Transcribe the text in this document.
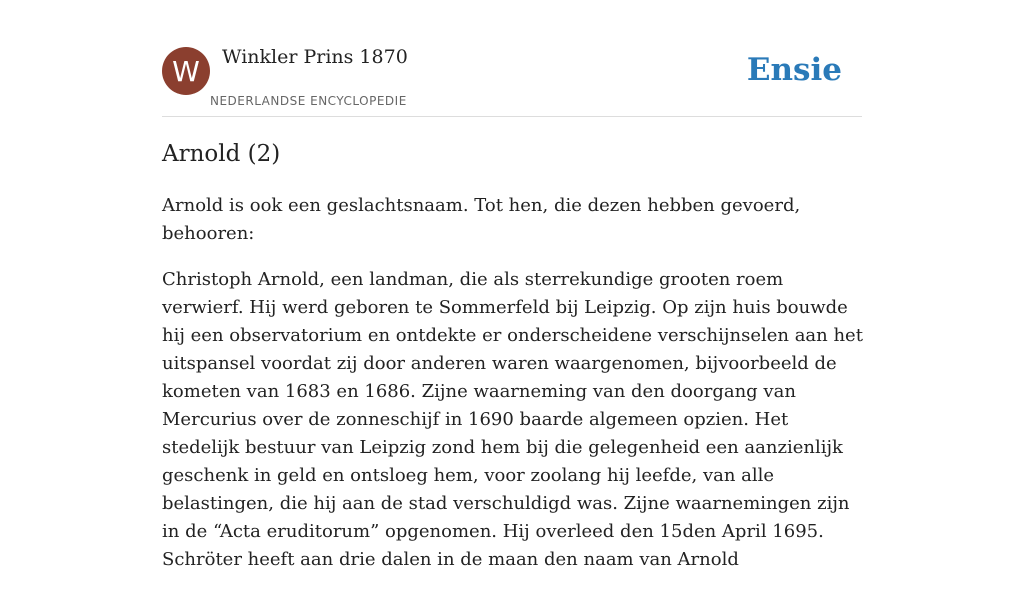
W	Winkler Prins 1870
NEDERLANDSE ENCYCLOPEDIE
Ensie
Arnold (2)

Arnold is ook een geslachtsnaam. Tot hen, die dezen hebben gevoerd, behooren:

Christoph Arnold, een landman, die als sterrekundige grooten roem verwierf. Hij werd geboren te Sommerfeld bij Leipzig. Op zijn huis bouwde hij een observatorium en ontdekte er onderscheidene verschijnselen aan het uitspansel voordat zij door anderen waren waargenomen, bijvoorbeeld de kometen van 1683 en 1686. Zijne waarneming van den doorgang van Mercurius over de zonneschijf in 1690 baarde algemeen opzien. Het stedelijk bestuur van Leipzig zond hem bij die gelegenheid een aanzienlijk geschenk in geld en ontsloeg hem, voor zoolang hij leefde, van alle belastingen, die hij aan de stad verschuldigd was. Zijne waarnemingen zijn in de “Acta eruditorum” opgenomen. Hij overleed den 15den April 1695. Schröter heeft aan drie dalen in de maan den naam van Arnold
